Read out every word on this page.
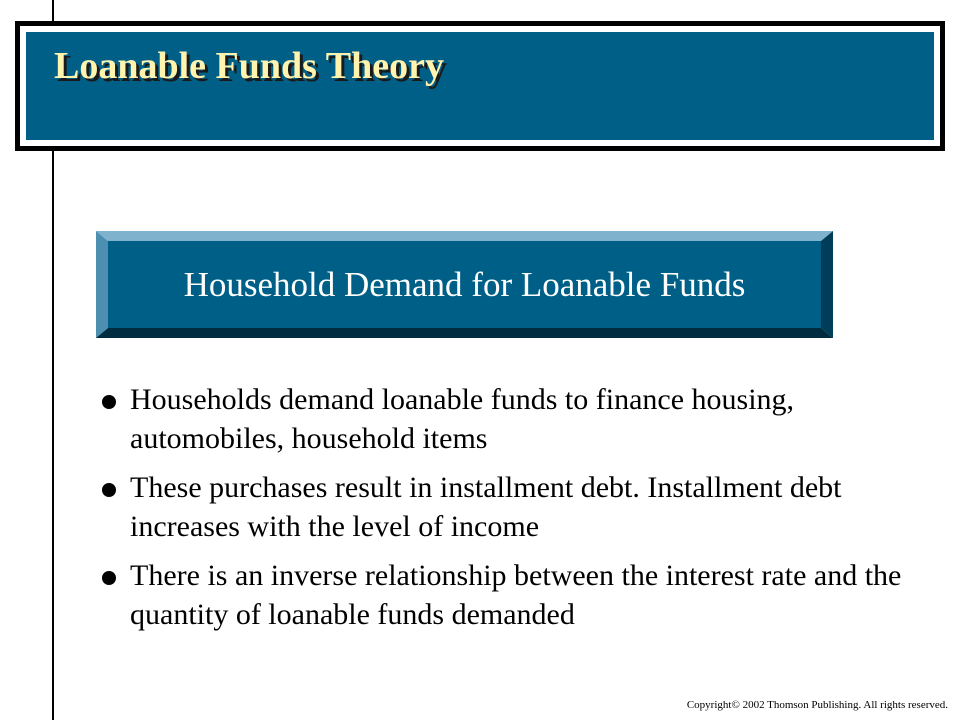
Loanable Funds Theory
Household Demand for Loanable Funds
Households demand loanable funds to finance housing, automobiles, household items
These purchases result in installment debt. Installment debt increases with the level of income
There is an inverse relationship between the interest rate and the quantity of loanable funds demanded
Copyright© 2002 Thomson Publishing. All rights reserved.
